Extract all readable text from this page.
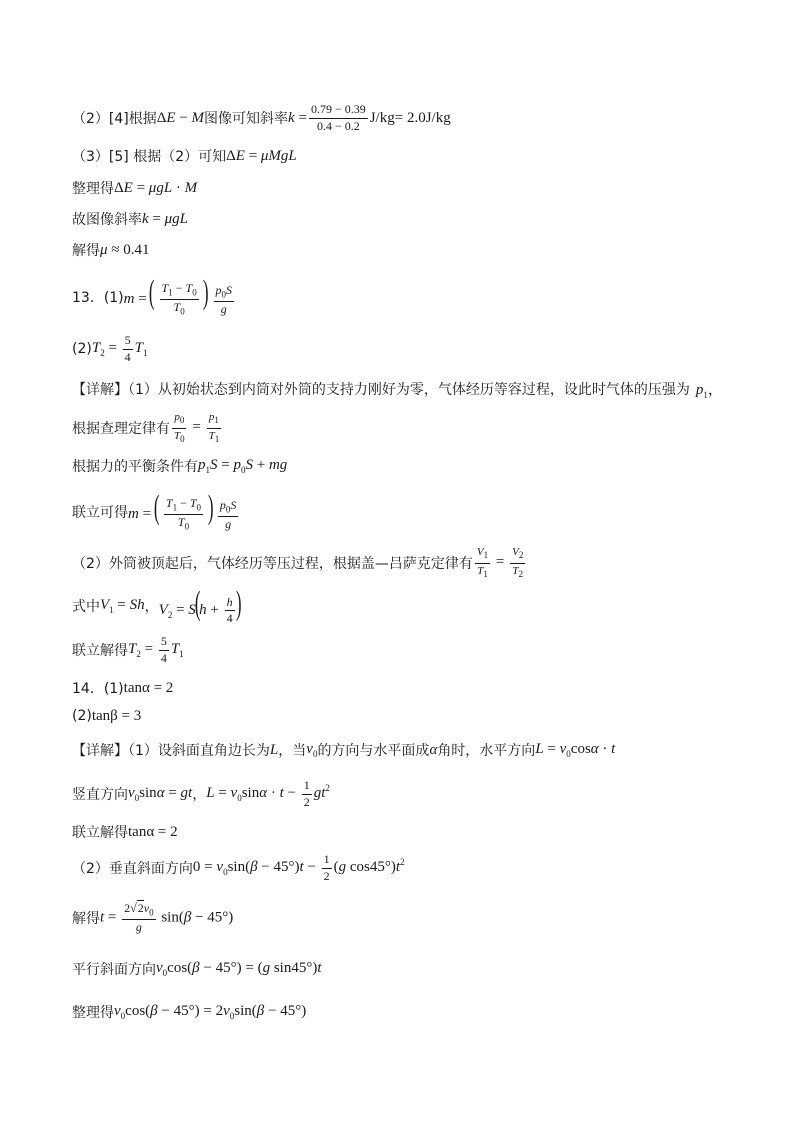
（2）[4]根据 ΔE − M 图像可知斜率 $k = \frac{0.79 - 0.39}{0.4 - 0.2} J/kg = 2.0J/kg$
（3）[5] 根据（2）可知 ΔE = μMgL
整理得 ΔE = μgL · M
故图像斜率 k = μgL
解得 μ ≈ 0.41
13．(1) m = ( $\frac{T_1 - T_0}{T_0}$ ) $\frac{p_0S}{g}$
(2) $T_2 = \frac{5}{4} T_1$
【详解】（1）从初始状态到内筒对外筒的支持力刚好为零，气体经历等容过程，设此时气体的压强为 $p_1$，
根据查理定律有 $\frac{p_0}{T_0} = \frac{p_1}{T_1}$
根据力的平衡条件有 $p_1S = p_0S$ + mg
联立可得 m = ( $\frac{T_1 - T_0}{T_0}$ ) $\frac{p_0S}{g}$
（2）外筒被顶起后，气体经历等压过程，根据盖—吕萨克定律有 $\frac{V_1}{T_1} = \frac{V_2}{T_2}$
式中 $V_1 = Sh$ ， $V_2 = S(h + \frac{h}{4}$ )
联立解得 $T_2 = \frac{5}{4} T_1$
14．(1) tanα = 2
(2) tanβ = 3
【详解】（1）设斜面直角边长为 L ，当 $v_0$ 的方向与水平面成 α 角时，水平方向 $L = v_0\cos\alpha \cdot t$
竖直方向 $v_0\sin\alpha$ = gt ， $L = v_0\sin\alpha \cdot t - \frac{1}{2} gt^2$
联立解得 tanα = 2
（2）垂直斜面方向 $0 = v_0\sin(\beta - 45^\circ)t - \frac{1}{2} (g$ $\cos 45^\circ)t^2$
解得 $t = \frac{2√2v_0}{g} \sin(\beta - 45^\circ)$
平行斜面方向 $v_0\cos(\beta - 45^\circ) = (g$ sin45°)t
整理得 $v_0\cos(\beta - 45^\circ) = 2v_0\sin(\beta - 45^\circ)$
